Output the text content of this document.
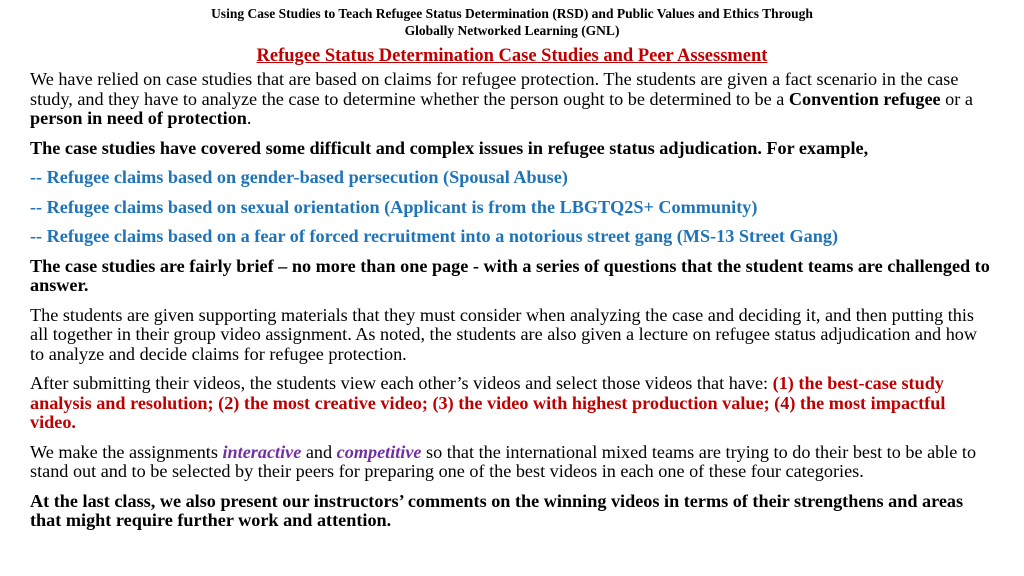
Using Case Studies to Teach Refugee Status Determination (RSD) and Public Values and Ethics Through
Globally Networked Learning (GNL)
Refugee Status Determination Case Studies and Peer Assessment
We have relied on case studies that are based on claims for refugee protection. The students are given a fact scenario in the case study, and they have to analyze the case to determine whether the person ought to be determined to be a Convention refugee or a person in need of protection.
The case studies have covered some difficult and complex issues in refugee status adjudication. For example,
-- Refugee claims based on gender-based persecution (Spousal Abuse)
-- Refugee claims based on sexual orientation (Applicant is from the LBGTQ2S+ Community)
-- Refugee claims based on a fear of forced recruitment into a notorious street gang (MS-13 Street Gang)
The case studies are fairly brief – no more than one page - with a series of questions that the student teams are challenged to answer.
The students are given supporting materials that they must consider when analyzing the case and deciding it, and then putting this all together in their group video assignment. As noted, the students are also given a lecture on refugee status adjudication and how to analyze and decide claims for refugee protection.
After submitting their videos, the students view each other’s videos and select those videos that have: (1) the best-case study analysis and resolution; (2) the most creative video; (3) the video with highest production value; (4) the most impactful video.
We make the assignments interactive and competitive so that the international mixed teams are trying to do their best to be able to stand out and to be selected by their peers for preparing one of the best videos in each one of these four categories.
At the last class, we also present our instructors’ comments on the winning videos in terms of their strengthens and areas that might require further work and attention.
